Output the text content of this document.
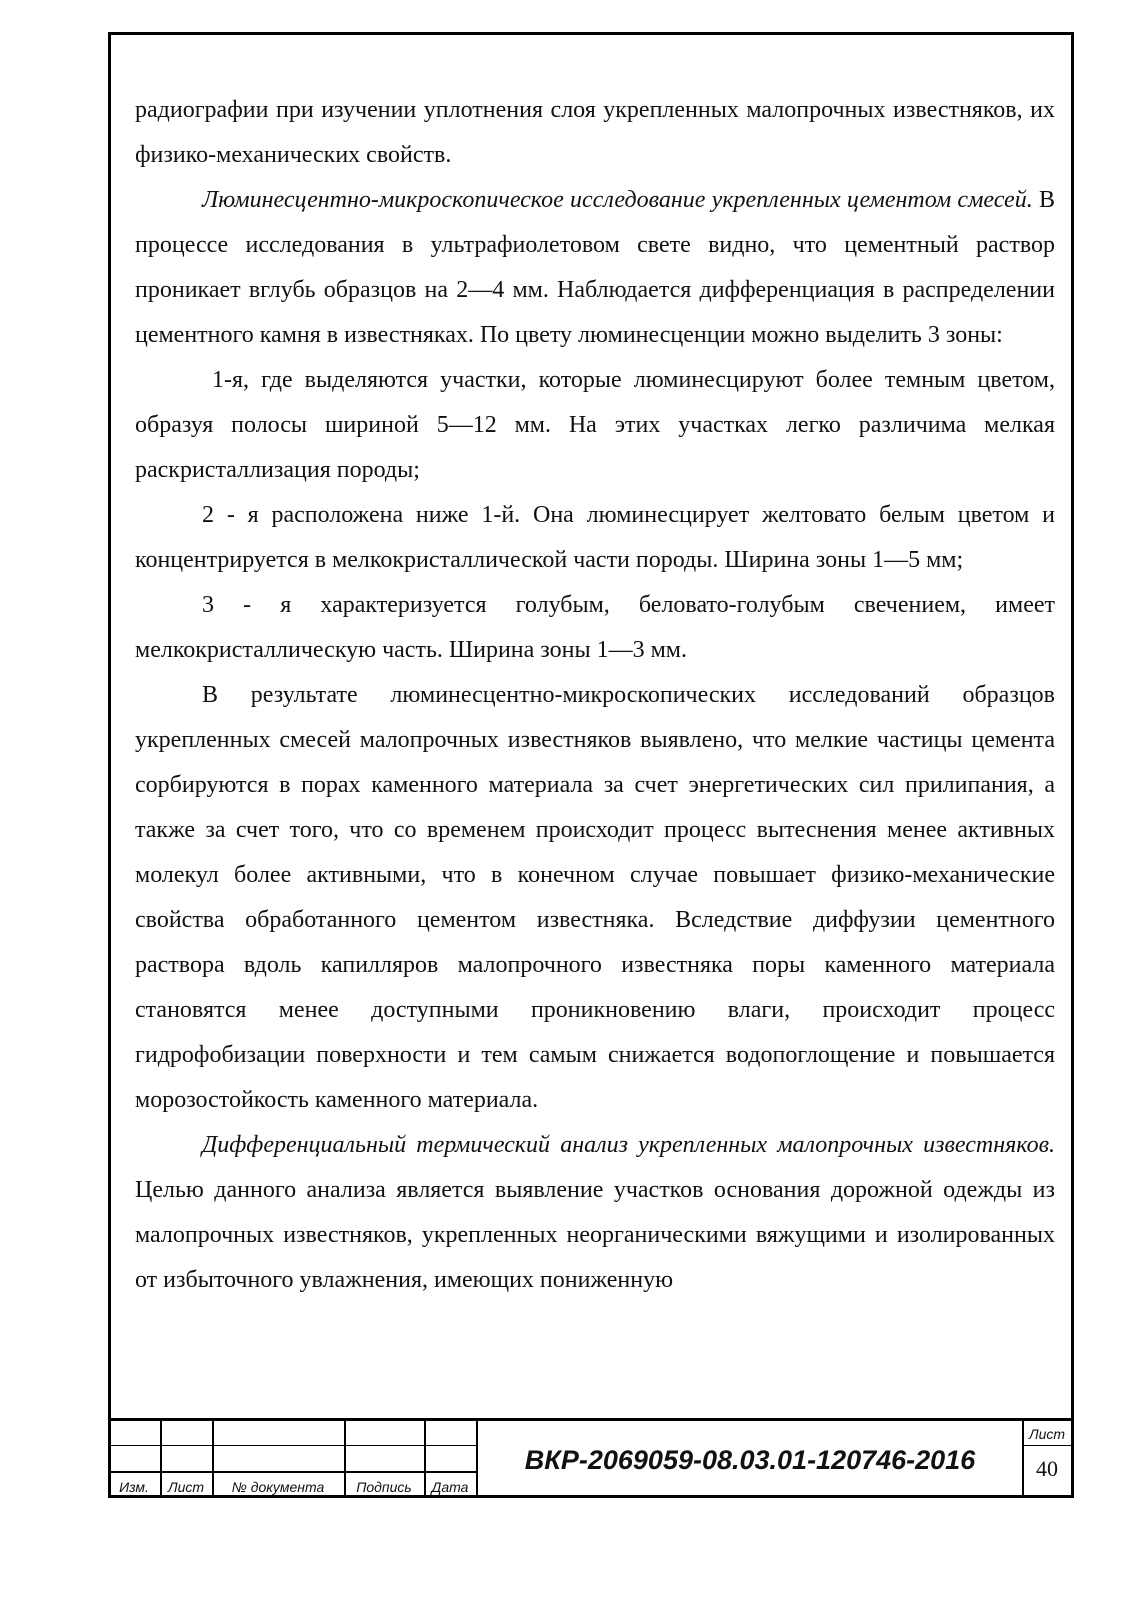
радиографии при изучении уплотнения слоя укрепленных малопрочных известняков, их физико-механических свойств.

Люминесцентно-микроскопическое исследование укрепленных цементом смесей. В процессе исследования в ультрафиолетовом свете видно, что цементный раствор проникает вглубь образцов на 2—4 мм. Наблюдается дифференциация в распределении цементного камня в известняках. По цвету люминесценции можно выделить 3 зоны:

1-я, где выделяются участки, которые люминесцируют более темным цветом, образуя полосы шириной 5—12 мм. На этих участках легко различима мелкая раскристаллизация породы;

2 - я расположена ниже 1-й. Она люминесцирует желтовато белым цветом и концентрируется в мелкокристаллической части породы. Ширина зоны 1—5 мм;

3 - я характеризуется голубым, беловато-голубым свечением, имеет мелкокристаллическую часть. Ширина зоны 1—3 мм.

В результате люминесцентно-микроскопических исследований образцов укрепленных смесей малопрочных известняков выявлено, что мелкие частицы цемента сорбируются в порах каменного материала за счет энергетических сил прилипания, а также за счет того, что со временем происходит процесс вытеснения менее активных молекул более активными, что в конечном случае повышает физико-механические свойства обработанного цементом известняка. Вследствие диффузии цементного раствора вдоль капилляров малопрочного известняка поры каменного материала становятся менее доступными проникновению влаги, происходит процесс гидрофобизации поверхности и тем самым снижается водопоглощение и повышается морозостойкость каменного материала.

Дифференциальный термический анализ укрепленных малопрочных известняков. Целью данного анализа является выявление участков основания дорожной одежды из малопрочных известняков, укрепленных неорганическими вяжущими и изолированных от избыточного увлажнения, имеющих пониженную

Изм.	Лист	№ документа	Подпись	Дата
ВКР-2069059-08.03.01-120746-2016
Лист
40
